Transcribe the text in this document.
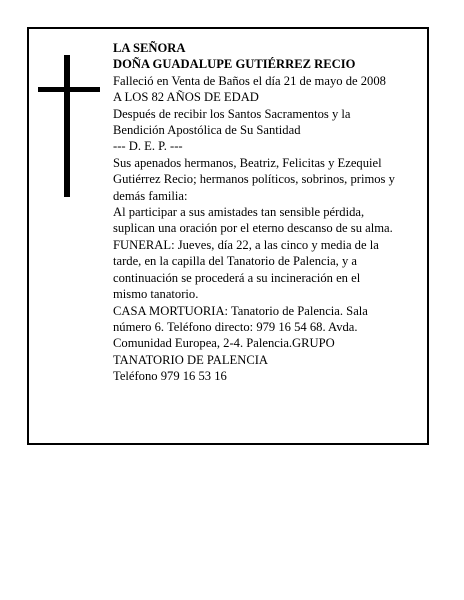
LA SEÑORA

DOÑA GUADALUPE GUTIÉRREZ RECIO

Falleció en Venta de Baños el día 21 de mayo de 2008

A LOS 82 AÑOS DE EDAD

Después de recibir los Santos Sacramentos y la Bendición Apostólica de Su Santidad

--- D. E. P. ---

Sus apenados hermanos, Beatriz, Felicitas y Ezequiel Gutiérrez Recio; hermanos políticos, sobrinos, primos y demás familia:

Al participar a sus amistades tan sensible pérdida, suplican una oración por el eterno descanso de su alma.

FUNERAL: Jueves, día 22, a las cinco y media de la tarde, en la capilla del Tanatorio de Palencia, y a continuación se procederá a su incineración en el mismo tanatorio.

CASA MORTUORIA: Tanatorio de Palencia. Sala número 6. Teléfono directo: 979 16 54 68. Avda. Comunidad Europea, 2-4. Palencia.GRUPO TANATORIO DE PALENCIA

Teléfono 979 16 53 16
